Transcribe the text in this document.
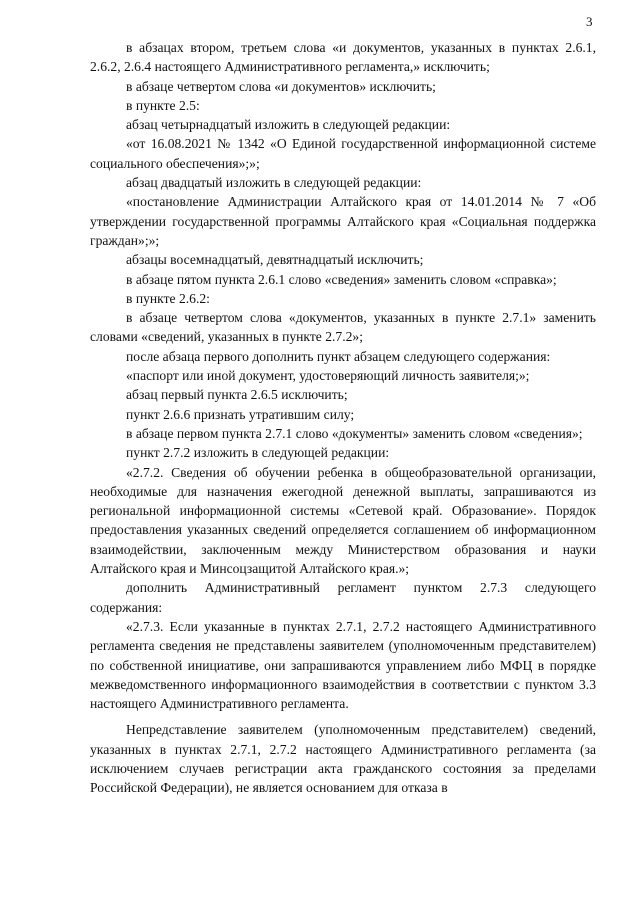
3

в абзацах втором, третьем слова «и документов, указанных в пунктах 2.6.1, 2.6.2, 2.6.4 настоящего Административного регламента,» исключить;

в абзаце четвертом слова «и документов» исключить;

в пункте 2.5:

абзац четырнадцатый изложить в следующей редакции:

«от 16.08.2021 № 1342 «О Единой государственной информационной системе социального обеспечения»;»;

абзац двадцатый изложить в следующей редакции:

«постановление Администрации Алтайского края от 14.01.2014 № 7 «Об утверждении государственной программы Алтайского края «Социальная поддержка граждан»;»;

абзацы восемнадцатый, девятнадцатый исключить;

в абзаце пятом пункта 2.6.1 слово «сведения» заменить словом «справка»;

в пункте 2.6.2:

в абзаце четвертом слова «документов, указанных в пункте 2.7.1» заменить словами «сведений, указанных в пункте 2.7.2»;

после абзаца первого дополнить пункт абзацем следующего содержания:

«паспорт или иной документ, удостоверяющий личность заявителя;»;

абзац первый пункта 2.6.5 исключить;

пункт 2.6.6 признать утратившим силу;

в абзаце первом пункта 2.7.1 слово «документы» заменить словом «сведения»;

пункт 2.7.2 изложить в следующей редакции:

«2.7.2. Сведения об обучении ребенка в общеобразовательной организации, необходимые для назначения ежегодной денежной выплаты, запрашиваются из региональной информационной системы «Сетевой край. Образование». Порядок предоставления указанных сведений определяется соглашением об информационном взаимодействии, заключенным между Министерством образования и науки Алтайского края и Минсоцзащитой Алтайского края.»;

дополнить Административный регламент пунктом 2.7.3 следующего содержания:

«2.7.3. Если указанные в пунктах 2.7.1, 2.7.2 настоящего Административного регламента сведения не представлены заявителем (уполномоченным представителем) по собственной инициативе, они запрашиваются управлением либо МФЦ в порядке межведомственного информационного взаимодействия в соответствии с пунктом 3.3 настоящего Административного регламента.

Непредставление заявителем (уполномоченным представителем) сведений, указанных в пунктах 2.7.1, 2.7.2 настоящего Административного регламента (за исключением случаев регистрации акта гражданского состояния за пределами Российской Федерации), не является основанием для отказа в
